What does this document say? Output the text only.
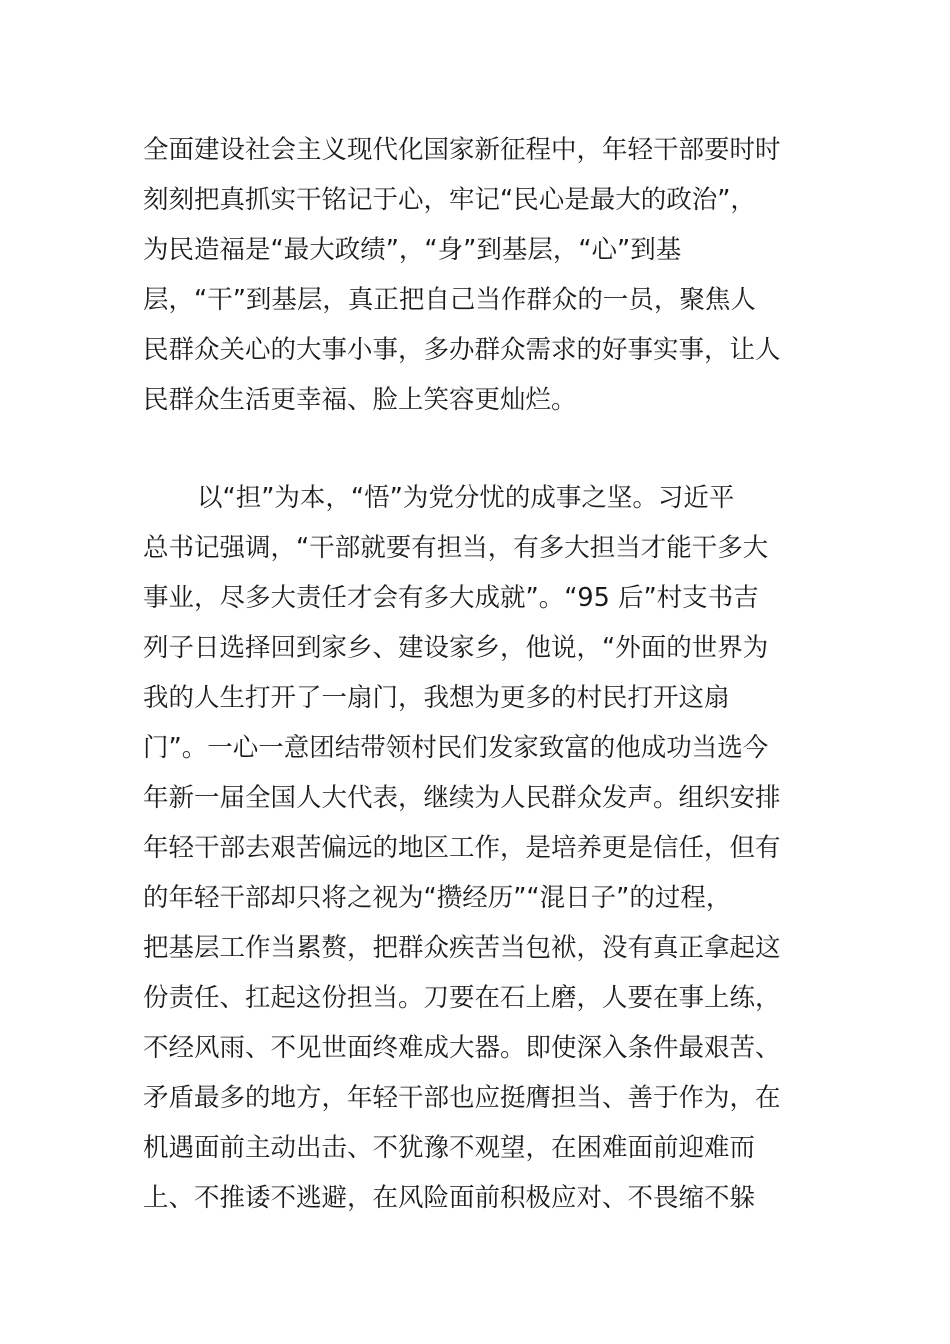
全面建设社会主义现代化国家新征程中，年轻干部要时时
刻刻把真抓实干铭记于心，牢记“民心是最大的政治”，
为民造福是“最大政绩”，“身”到基层，“心”到基
层，“干”到基层，真正把自己当作群众的一员，聚焦人
民群众关心的大事小事，多办群众需求的好事实事，让人
民群众生活更幸福、脸上笑容更灿烂。
以“担”为本，“悟”为党分忧的成事之坚。习近平
总书记强调，“干部就要有担当，有多大担当才能干多大
事业，尽多大责任才会有多大成就”。“95 后”村支书吉
列子日选择回到家乡、建设家乡，他说，“外面的世界为
我的人生打开了一扇门，我想为更多的村民打开这扇
门”。一心一意团结带领村民们发家致富的他成功当选今
年新一届全国人大代表，继续为人民群众发声。组织安排
年轻干部去艰苦偏远的地区工作，是培养更是信任，但有
的年轻干部却只将之视为“攒经历”“混日子”的过程，
把基层工作当累赘，把群众疾苦当包袱，没有真正拿起这
份责任、扛起这份担当。刀要在石上磨，人要在事上练，
不经风雨、不见世面终难成大器。即使深入条件最艰苦、
矛盾最多的地方，年轻干部也应挺膺担当、善于作为，在
机遇面前主动出击、不犹豫不观望，在困难面前迎难而
上、不推诿不逃避，在风险面前积极应对、不畏缩不躲
